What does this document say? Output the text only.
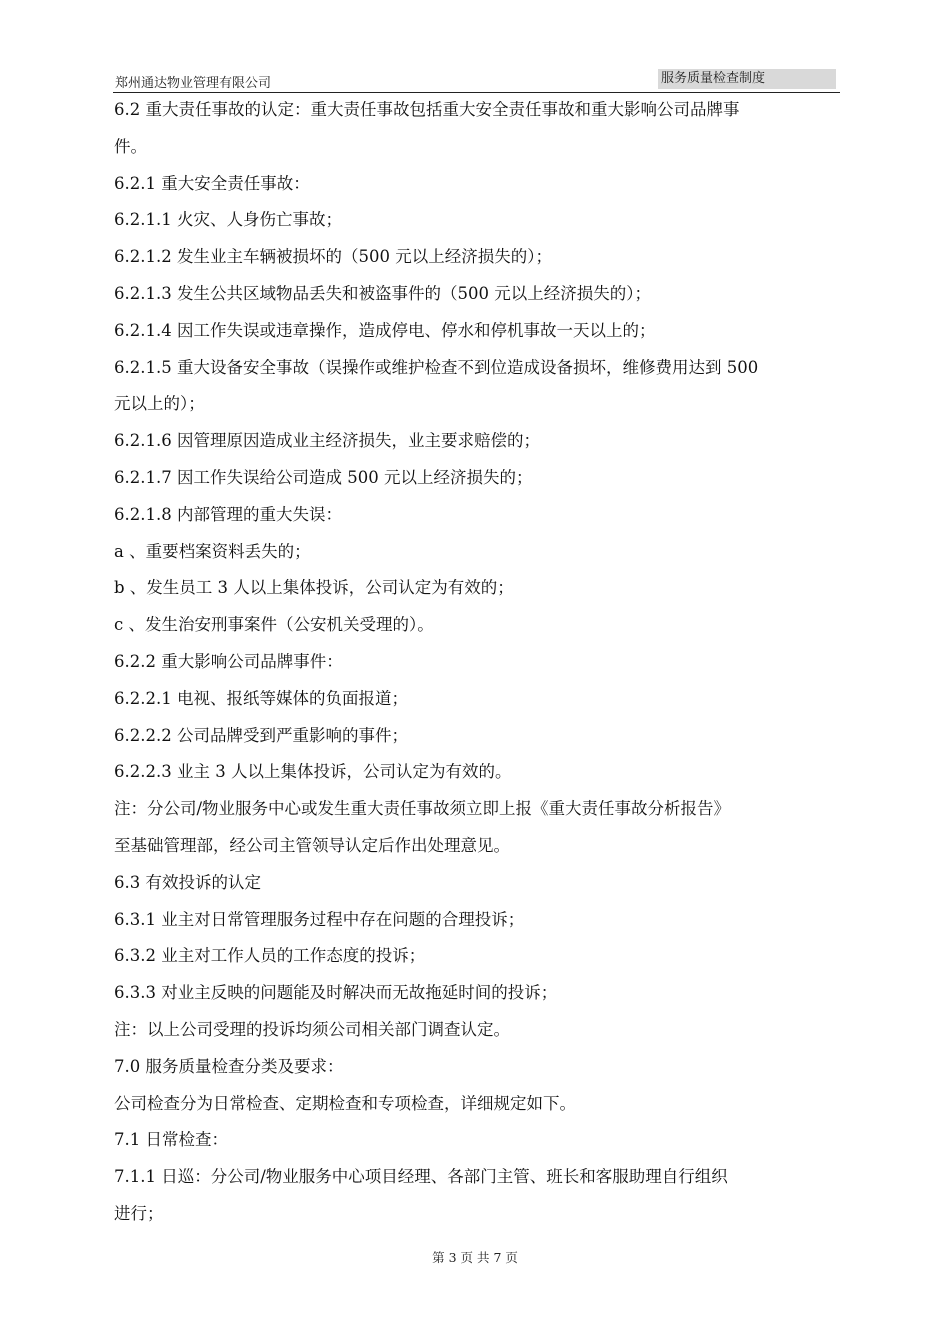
郑州通达物业管理有限公司	服务质量检查制度
6.2 重大责任事故的认定：重大责任事故包括重大安全责任事故和重大影响公司品牌事
件。
6.2.1 重大安全责任事故：
6.2.1.1 火灾、人身伤亡事故；
6.2.1.2 发生业主车辆被损坏的（500 元以上经济损失的）；
6.2.1.3 发生公共区域物品丢失和被盗事件的（500 元以上经济损失的）；
6.2.1.4 因工作失误或违章操作，造成停电、停水和停机事故一天以上的；
6.2.1.5 重大设备安全事故（误操作或维护检查不到位造成设备损坏，维修费用达到 500
元以上的）；
6.2.1.6 因管理原因造成业主经济损失，业主要求赔偿的；
6.2.1.7 因工作失误给公司造成 500 元以上经济损失的；
6.2.1.8 内部管理的重大失误：
a 、重要档案资料丢失的；
b 、发生员工 3 人以上集体投诉，公司认定为有效的；
c 、发生治安刑事案件（公安机关受理的）。
6.2.2 重大影响公司品牌事件：
6.2.2.1 电视、报纸等媒体的负面报道；
6.2.2.2 公司品牌受到严重影响的事件；
6.2.2.3 业主 3 人以上集体投诉，公司认定为有效的。
注：分公司/物业服务中心或发生重大责任事故须立即上报《重大责任事故分析报告》
至基础管理部，经公司主管领导认定后作出处理意见。
6.3 有效投诉的认定
6.3.1 业主对日常管理服务过程中存在问题的合理投诉；
6.3.2 业主对工作人员的工作态度的投诉；
6.3.3 对业主反映的问题能及时解决而无故拖延时间的投诉；
注：以上公司受理的投诉均须公司相关部门调查认定。
7.0 服务质量检查分类及要求：
公司检查分为日常检查、定期检查和专项检查，详细规定如下。
7.1 日常检查：
7.1.1 日巡：分公司/物业服务中心项目经理、各部门主管、班长和客服助理自行组织
进行；
第 3 页 共 7 页
